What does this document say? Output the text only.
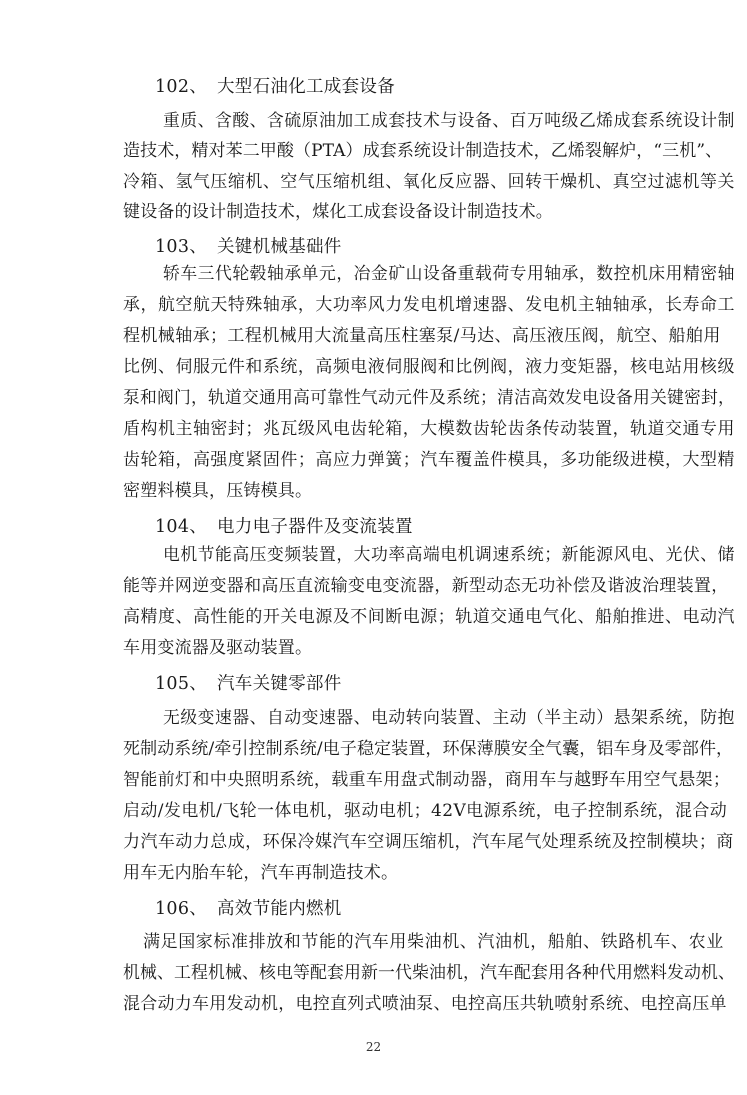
102、 大型石油化工成套设备
重质、含酸、含硫原油加工成套技术与设备、百万吨级乙烯成套系统设计制
造技术，精对苯二甲酸（PTA）成套系统设计制造技术，乙烯裂解炉，“三机”、
冷箱、氢气压缩机、空气压缩机组、氧化反应器、回转干燥机、真空过滤机等关
键设备的设计制造技术，煤化工成套设备设计制造技术。
103、 关键机械基础件
轿车三代轮毂轴承单元，冶金矿山设备重载荷专用轴承，数控机床用精密轴
承，航空航天特殊轴承，大功率风力发电机增速器、发电机主轴轴承，长寿命工
程机械轴承；工程机械用大流量高压柱塞泵/马达、高压液压阀，航空、船舶用
比例、伺服元件和系统，高频电液伺服阀和比例阀，液力变矩器，核电站用核级
泵和阀门，轨道交通用高可靠性气动元件及系统；清洁高效发电设备用关键密封，
盾构机主轴密封；兆瓦级风电齿轮箱，大模数齿轮齿条传动装置，轨道交通专用
齿轮箱，高强度紧固件；高应力弹簧；汽车覆盖件模具，多功能级进模，大型精
密塑料模具，压铸模具。
104、 电力电子器件及变流装置
电机节能高压变频装置，大功率高端电机调速系统；新能源风电、光伏、储
能等并网逆变器和高压直流输变电变流器，新型动态无功补偿及谐波治理装置，
高精度、高性能的开关电源及不间断电源；轨道交通电气化、船舶推进、电动汽
车用变流器及驱动装置。
105、 汽车关键零部件
无级变速器、自动变速器、电动转向装置、主动（半主动）悬架系统，防抱
死制动系统/牵引控制系统/电子稳定装置，环保薄膜安全气囊，铝车身及零部件，
智能前灯和中央照明系统，载重车用盘式制动器，商用车与越野车用空气悬架；
启动/发电机/飞轮一体电机，驱动电机；42V电源系统，电子控制系统，混合动
力汽车动力总成，环保冷媒汽车空调压缩机，汽车尾气处理系统及控制模块；商
用车无内胎车轮，汽车再制造技术。
106、 高效节能内燃机
满足国家标准排放和节能的汽车用柴油机、汽油机，船舶、铁路机车、农业
机械、工程机械、核电等配套用新一代柴油机，汽车配套用各种代用燃料发动机、
混合动力车用发动机，电控直列式喷油泵、电控高压共轨喷射系统、电控高压单
22
